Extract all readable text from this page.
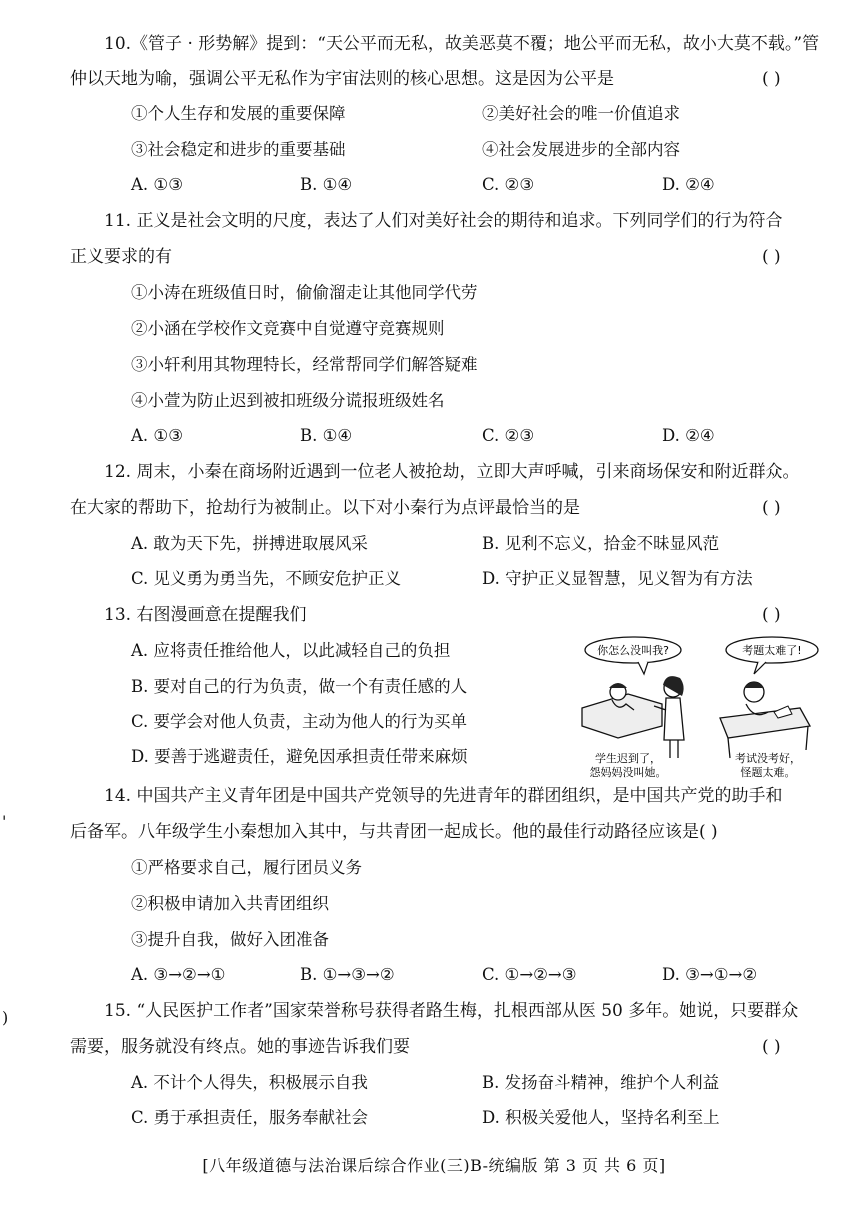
10.《管子 · 形势解》提到：“天公平而无私，故美恶莫不覆；地公平而无私，故小大莫不载。”管
仲以天地为喻，强调公平无私作为宇宙法则的核心思想。这是因为公平是	( )
①个人生存和发展的重要保障	②美好社会的唯一价值追求
③社会稳定和进步的重要基础	④社会发展进步的全部内容
A. ①③	B. ①④	C. ②③	D. ②④
11. 正义是社会文明的尺度，表达了人们对美好社会的期待和追求。下列同学们的行为符合
正义要求的有	( )
①小涛在班级值日时，偷偷溜走让其他同学代劳
②小涵在学校作文竞赛中自觉遵守竞赛规则
③小轩利用其物理特长，经常帮同学们解答疑难
④小萱为防止迟到被扣班级分谎报班级姓名
A. ①③	B. ①④	C. ②③	D. ②④
12. 周末，小秦在商场附近遇到一位老人被抢劫，立即大声呼喊，引来商场保安和附近群众。
在大家的帮助下，抢劫行为被制止。以下对小秦行为点评最恰当的是	( )
A. 敢为天下先，拼搏进取展风采	B. 见利不忘义，拾金不昧显风范
C. 见义勇为勇当先，不顾安危护正义	D. 守护正义显智慧，见义智为有方法
13. 右图漫画意在提醒我们	( )
A. 应将责任推给他人，以此减轻自己的负担
B. 要对自己的行为负责，做一个有责任感的人
C. 要学会对他人负责，主动为他人的行为买单
D. 要善于逃避责任，避免因承担责任带来麻烦
你怎么没叫我?	考题太难了!
学生迟到了，
怨妈妈没叫她。
考试没考好，
怪题太难。
14. 中国共产主义青年团是中国共产党领导的先进青年的群团组织，是中国共产党的助手和
后备军。八年级学生小秦想加入其中，与共青团一起成长。他的最佳行动路径应该是( )
①严格要求自己，履行团员义务
②积极申请加入共青团组织
③提升自我，做好入团准备
A. ③→②→①	B. ①→③→②	C. ①→②→③	D. ③→①→②
15. “人民医护工作者”国家荣誉称号获得者路生梅，扎根西部从医 50 多年。她说，只要群众
需要，服务就没有终点。她的事迹告诉我们要	( )
A. 不计个人得失，积极展示自我	B. 发扬奋斗精神，维护个人利益
C. 勇于承担责任，服务奉献社会	D. 积极关爱他人，坚持名利至上
[八年级道德与法治课后综合作业(三)B-统编版 第 3 页 共 6 页]
'
)
